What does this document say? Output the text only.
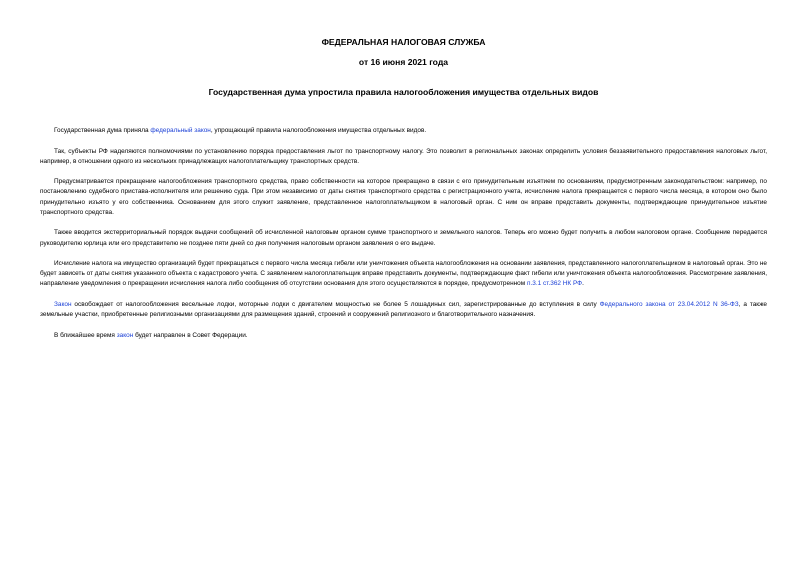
ФЕДЕРАЛЬНАЯ НАЛОГОВАЯ СЛУЖБА
от 16 июня 2021 года
Государственная дума упростила правила налогообложения имущества отдельных видов

Государственная дума приняла федеральный закон, упрощающий правила налогообложения имущества отдельных видов.

Так, субъекты РФ наделяются полномочиями по установлению порядка предоставления льгот по транспортному налогу. Это позволит в региональных законах определить условия беззаявительного предоставления налоговых льгот, например, в отношении одного из нескольких принадлежащих налогоплательщику транспортных средств.

Предусматривается прекращение налогообложения транспортного средства, право собственности на которое прекращено в связи с его принудительным изъятием по основаниям, предусмотренным законодательством: например, по постановлению судебного пристава-исполнителя или решению суда. При этом независимо от даты снятия транспортного средства с регистрационного учета, исчисление налога прекращается с первого числа месяца, в котором оно было принудительно изъято у его собственника. Основанием для этого служит заявление, представленное налогоплательщиком в налоговый орган. С ним он вправе представить документы, подтверждающие принудительное изъятие транспортного средства.

Также вводится экстерриториальный порядок выдачи сообщений об исчисленной налоговым органом сумме транспортного и земельного налогов. Теперь его можно будет получить в любом налоговом органе. Сообщение передается руководителю юрлица или его представителю не позднее пяти дней со дня получения налоговым органом заявления о его выдаче.

Исчисление налога на имущество организаций будет прекращаться с первого числа месяца гибели или уничтожения объекта налогообложения на основании заявления, представленного налогоплательщиком в налоговый орган. Это не будет зависеть от даты снятия указанного объекта с кадастрового учета. С заявлением налогоплательщик вправе представить документы, подтверждающие факт гибели или уничтожения объекта налогообложения. Рассмотрение заявления, направление уведомления о прекращении исчисления налога либо сообщения об отсутствии основания для этого осуществляются в порядке, предусмотренном п.3.1 ст.362 НК РФ.

Закон освобождает от налогообложения весельные лодки, моторные лодки с двигателем мощностью не более 5 лошадиных сил, зарегистрированные до вступления в силу Федерального закона от 23.04.2012 N 36-ФЗ, а также земельные участки, приобретенные религиозными организациями для размещения зданий, строений и сооружений религиозного и благотворительного назначения.

В ближайшее время закон будет направлен в Совет Федерации.
